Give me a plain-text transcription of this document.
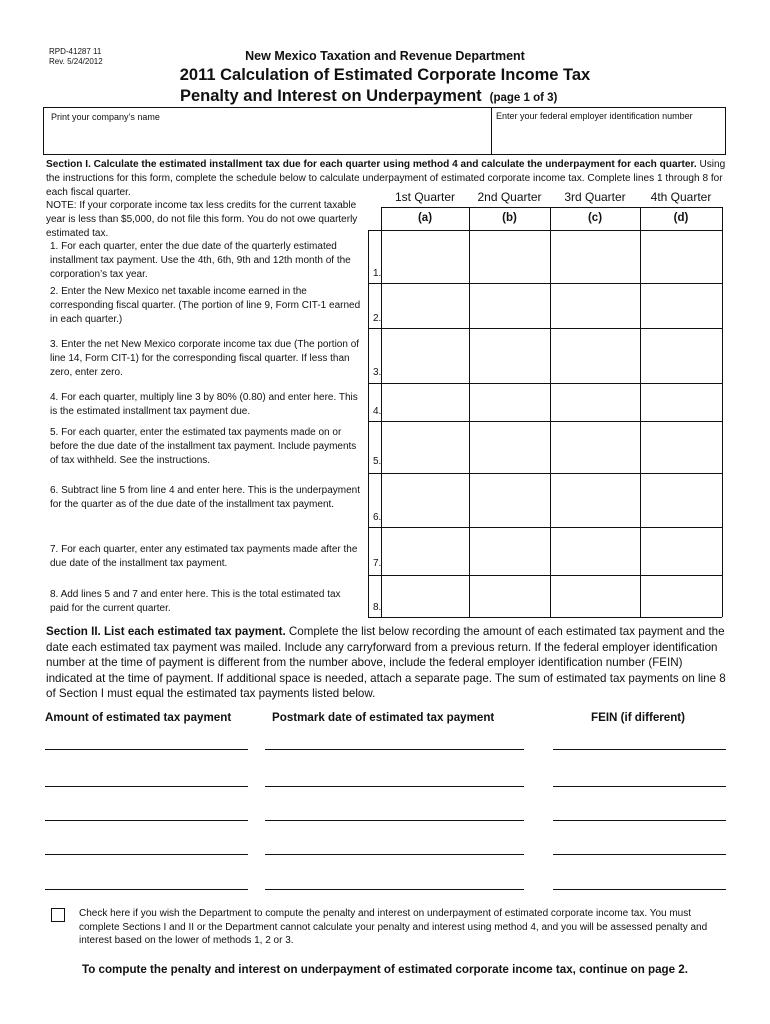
RPD-41287 11
Rev. 5/24/2012	New Mexico Taxation and Revenue Department
2011 Calculation of Estimated Corporate Income Tax
Penalty and Interest on Underpayment (page 1 of 3)
Print your company’s name	Enter your federal employer identification number
Section I. Calculate the estimated installment tax due for each quarter using method 4 and calculate the underpayment for each quarter. Using the instructions for this form, complete the schedule below to calculate underpayment of estimated corporate income tax. Complete lines 1 through 8 for each fiscal quarter.
NOTE: If your corporate income tax less credits for the current taxable year is less than $5,000, do not file this form. You do not owe quarterly estimated tax.
1st Quarter	2nd Quarter	3rd Quarter	4th Quarter
(a)	(b)	(c)	(d)
1. For each quarter, enter the due date of the quarterly estimated installment tax payment. Use the 4th, 6th, 9th and 12th month of the corporation’s tax year.
2. Enter the New Mexico net taxable income earned in the corresponding fiscal quarter. (The portion of line 9, Form CIT-1 earned in each quarter.)
3. Enter the net New Mexico corporate income tax due (The portion of line 14, Form CIT-1) for the corresponding fiscal quarter. If less than zero, enter zero.
4. For each quarter, multiply line 3 by 80% (0.80) and enter here. This is the estimated installment tax payment due.
5. For each quarter, enter the estimated tax payments made on or before the due date of the installment tax payment. Include payments of tax withheld. See the instructions.
6. Subtract line 5 from line 4 and enter here. This is the underpayment for the quarter as of the due date of the installment tax payment.
7. For each quarter, enter any estimated tax payments made after the due date of the installment tax payment.
8. Add lines 5 and 7 and enter here. This is the total estimated tax paid for the current quarter.
1.
2.
3.
4.
5.
6.
7.
8.
Section II. List each estimated tax payment. Complete the list below recording the amount of each estimated tax payment and the date each estimated tax payment was mailed. Include any carryforward from a previous return. If the federal employer identification number at the time of payment is different from the number above, include the federal employer identification number (FEIN) indicated at the time of payment. If additional space is needed, attach a separate page. The sum of estimated tax payments on line 8 of Section I must equal the estimated tax payments listed below.
Amount of estimated tax payment	Postmark date of estimated tax payment	FEIN (if different)
Check here if you wish the Department to compute the penalty and interest on underpayment of estimated corporate income tax. You must complete Sections I and II or the Department cannot calculate your penalty and interest using method 4, and you will be assessed penalty and interest based on the lower of methods 1, 2 or 3.
To compute the penalty and interest on underpayment of estimated corporate income tax, continue on page 2.
